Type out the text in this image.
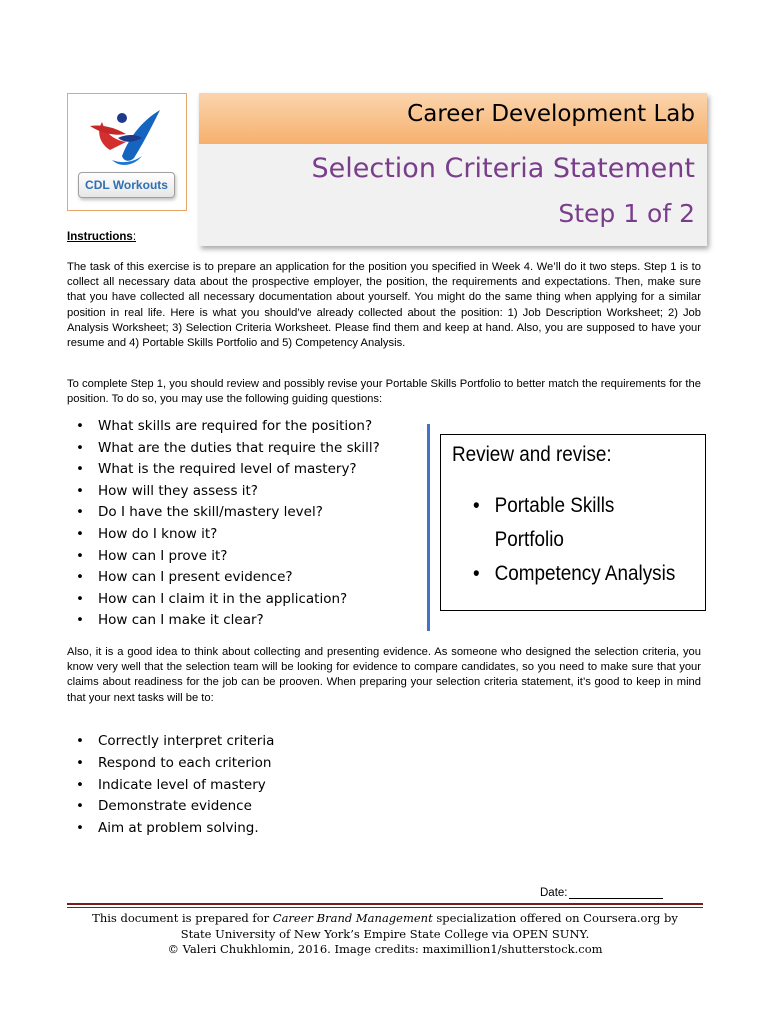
CDL Workouts
Career Development Lab
Selection Criteria Statement
Step 1 of 2
Instructions:

The task of this exercise is to prepare an application for the position you specified in Week 4. We’ll do it two steps. Step 1 is to collect all necessary data about the prospective employer, the position, the requirements and expectations. Then, make sure that you have collected all necessary documentation about yourself. You might do the same thing when applying for a similar position in real life. Here is what you should’ve already collected about the position: 1) Job Description Worksheet; 2) Job Analysis Worksheet; 3) Selection Criteria Worksheet. Please find them and keep at hand. Also, you are supposed to have your resume and 4) Portable Skills Portfolio and 5) Competency Analysis.

To complete Step 1, you should review and possibly revise your Portable Skills Portfolio to better match the requirements for the position. To do so, you may use the following guiding questions:

•	What skills are required for the position?
•	What are the duties that require the skill?
•	What is the required level of mastery?
•	How will they assess it?
•	Do I have the skill/mastery level?
•	How do I know it?
•	How can I prove it?
•	How can I present evidence?
•	How can I claim it in the application?
•	How can I make it clear?
Review and revise:
• Portable Skills
Portfolio
• Competency Analysis

Also, it is a good idea to think about collecting and presenting evidence. As someone who designed the selection criteria, you know very well that the selection team will be looking for evidence to compare candidates, so you need to make sure that your claims about readiness for the job can be prooven. When preparing your selection criteria statement, it’s good to keep in mind that your next tasks will be to:

•	Correctly interpret criteria
•	Respond to each criterion
•	Indicate level of mastery
•	Demonstrate evidence
•	Aim at problem solving.
Date:
This document is prepared for Career Brand Management specialization offered on Coursera.org by
State University of New York’s Empire State College via OPEN SUNY.
© Valeri Chukhlomin, 2016. Image credits: maximillion1/shutterstock.com
